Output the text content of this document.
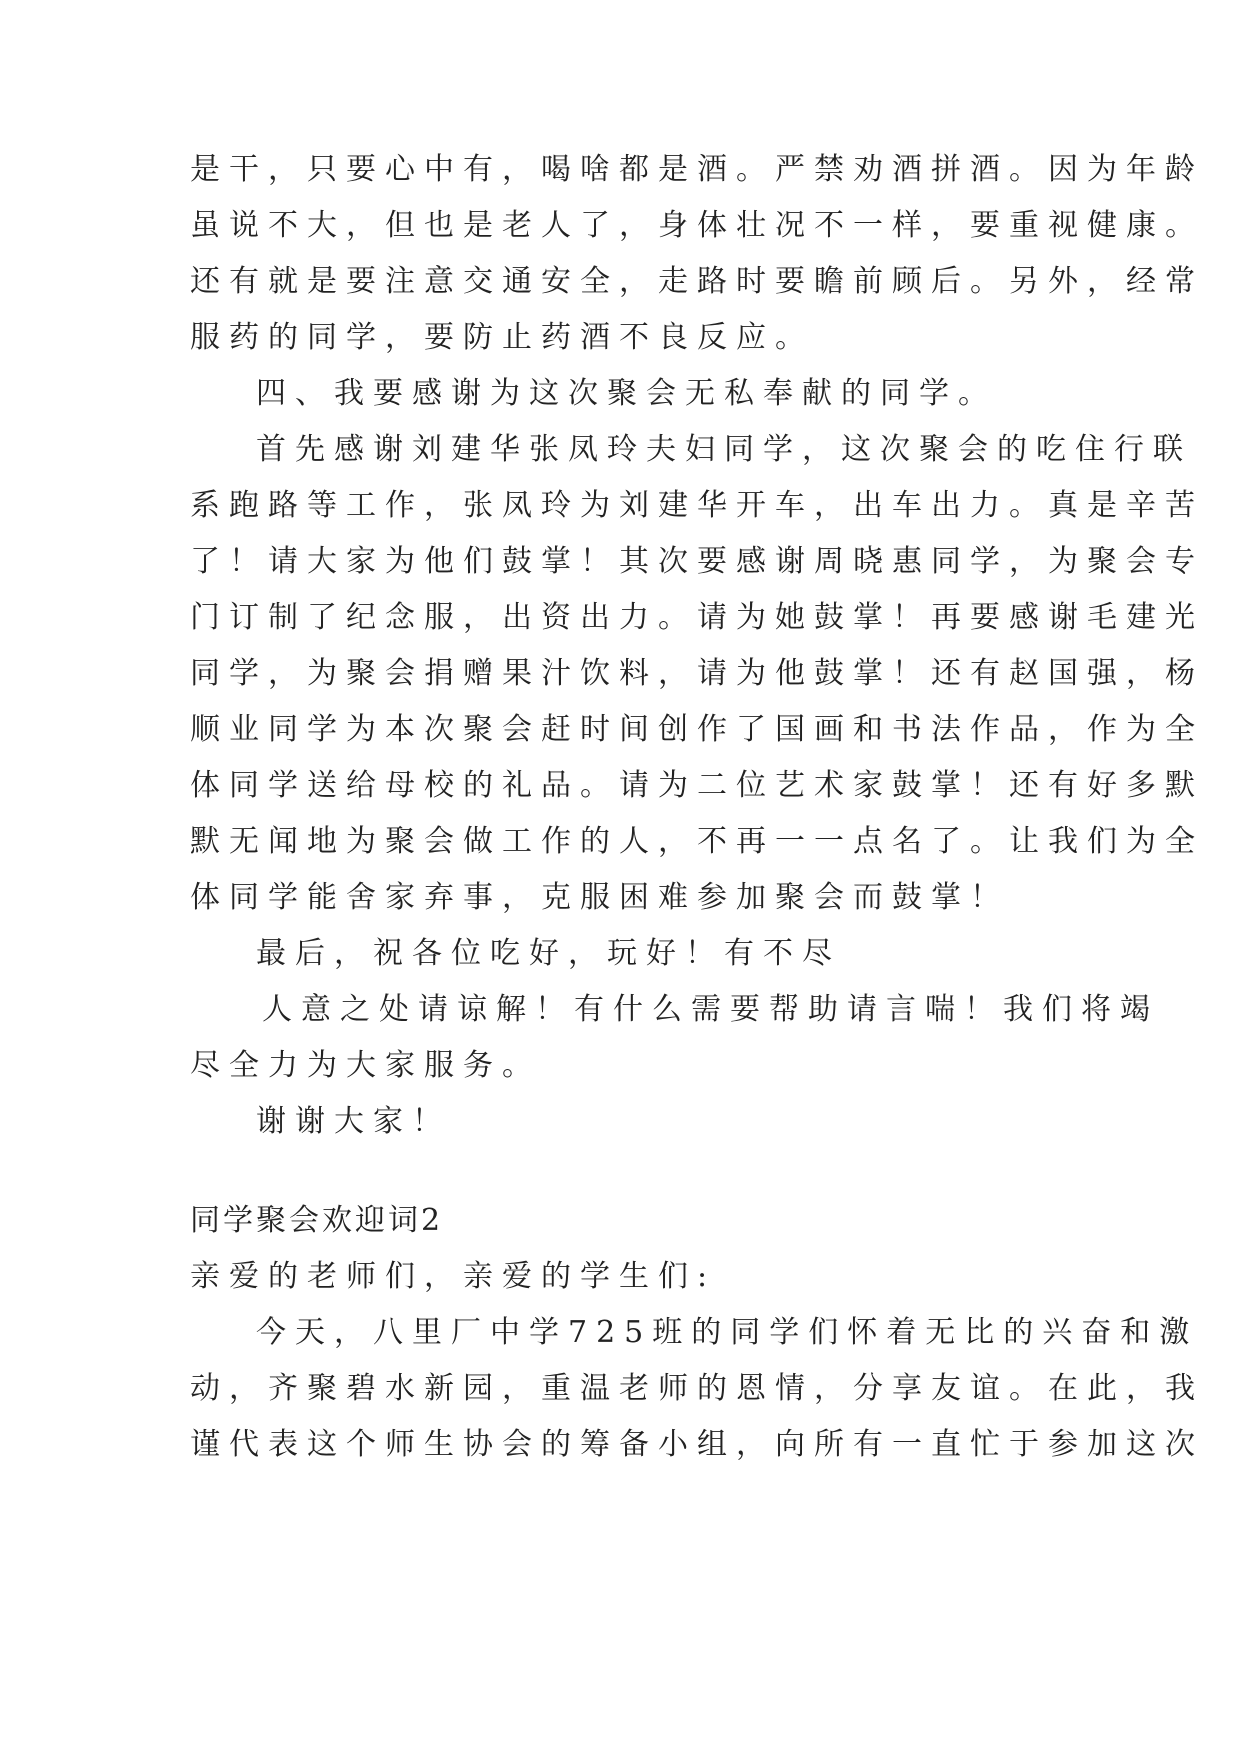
是干，只要心中有，喝啥都是酒。严禁劝酒拼酒。因为年龄
虽说不大，但也是老人了，身体壮况不一样，要重视健康。
还有就是要注意交通安全，走路时要瞻前顾后。另外，经常
服药的同学，要防止药酒不良反应。
四、我要感谢为这次聚会无私奉献的同学。
首先感谢刘建华张凤玲夫妇同学，这次聚会的吃住行联
系跑路等工作，张凤玲为刘建华开车，出车出力。真是辛苦
了！请大家为他们鼓掌！其次要感谢周晓惠同学，为聚会专
门订制了纪念服，出资出力。请为她鼓掌！再要感谢毛建光
同学，为聚会捐赠果汁饮料，请为他鼓掌！还有赵国强，杨
顺业同学为本次聚会赶时间创作了国画和书法作品，作为全
体同学送给母校的礼品。请为二位艺术家鼓掌！还有好多默
默无闻地为聚会做工作的人，不再一一点名了。让我们为全
体同学能舍家弃事，克服困难参加聚会而鼓掌！
最后，祝各位吃好，玩好！有不尽
人意之处请谅解！有什么需要帮助请言喘！我们将竭
尽全力为大家服务。
谢谢大家！
同学聚会欢迎词2
亲爱的老师们，亲爱的学生们:
今天，八里厂中学725班的同学们怀着无比的兴奋和激
动，齐聚碧水新园，重温老师的恩情，分享友谊。在此，我
谨代表这个师生协会的筹备小组，向所有一直忙于参加这次
